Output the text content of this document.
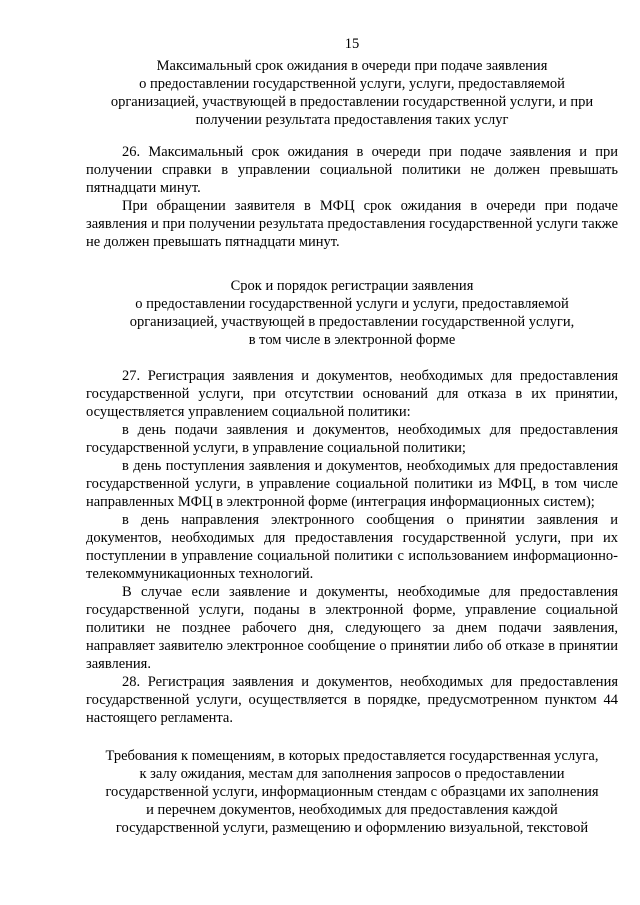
15
Максимальный срок ожидания в очереди при подаче заявления
о предоставлении государственной услуги, услуги, предоставляемой
организацией, участвующей в предоставлении государственной услуги, и при
получении результата предоставления таких услуг

26. Максимальный срок ожидания в очереди при подаче заявления и при получении справки в управлении социальной политики не должен превышать пятнадцати минут.

При обращении заявителя в МФЦ срок ожидания в очереди при подаче заявления и при получении результата предоставления государственной услуги также не должен превышать пятнадцати минут.

Срок и порядок регистрации заявления
о предоставлении государственной услуги и услуги, предоставляемой
организацией, участвующей в предоставлении государственной услуги,
в том числе в электронной форме

27. Регистрация заявления и документов, необходимых для предоставления государственной услуги, при отсутствии оснований для отказа в их принятии, осуществляется управлением социальной политики:

в день подачи заявления и документов, необходимых для предоставления государственной услуги, в управление социальной политики;

в день поступления заявления и документов, необходимых для предоставления государственной услуги, в управление социальной политики из МФЦ, в том числе направленных МФЦ в электронной форме (интеграция информационных систем);

в день направления электронного сообщения о принятии заявления и документов, необходимых для предоставления государственной услуги, при их поступлении в управление социальной политики с использованием информационно-телекоммуникационных технологий.

В случае если заявление и документы, необходимые для предоставления государственной услуги, поданы в электронной форме, управление социальной политики не позднее рабочего дня, следующего за днем подачи заявления, направляет заявителю электронное сообщение о принятии либо об отказе в принятии заявления.

28. Регистрация заявления и документов, необходимых для предоставления государственной услуги, осуществляется в порядке, предусмотренном пунктом 44 настоящего регламента.

Требования к помещениям, в которых предоставляется государственная услуга,
к залу ожидания, местам для заполнения запросов о предоставлении
государственной услуги, информационным стендам с образцами их заполнения
и перечнем документов, необходимых для предоставления каждой
государственной услуги, размещению и оформлению визуальной, текстовой
